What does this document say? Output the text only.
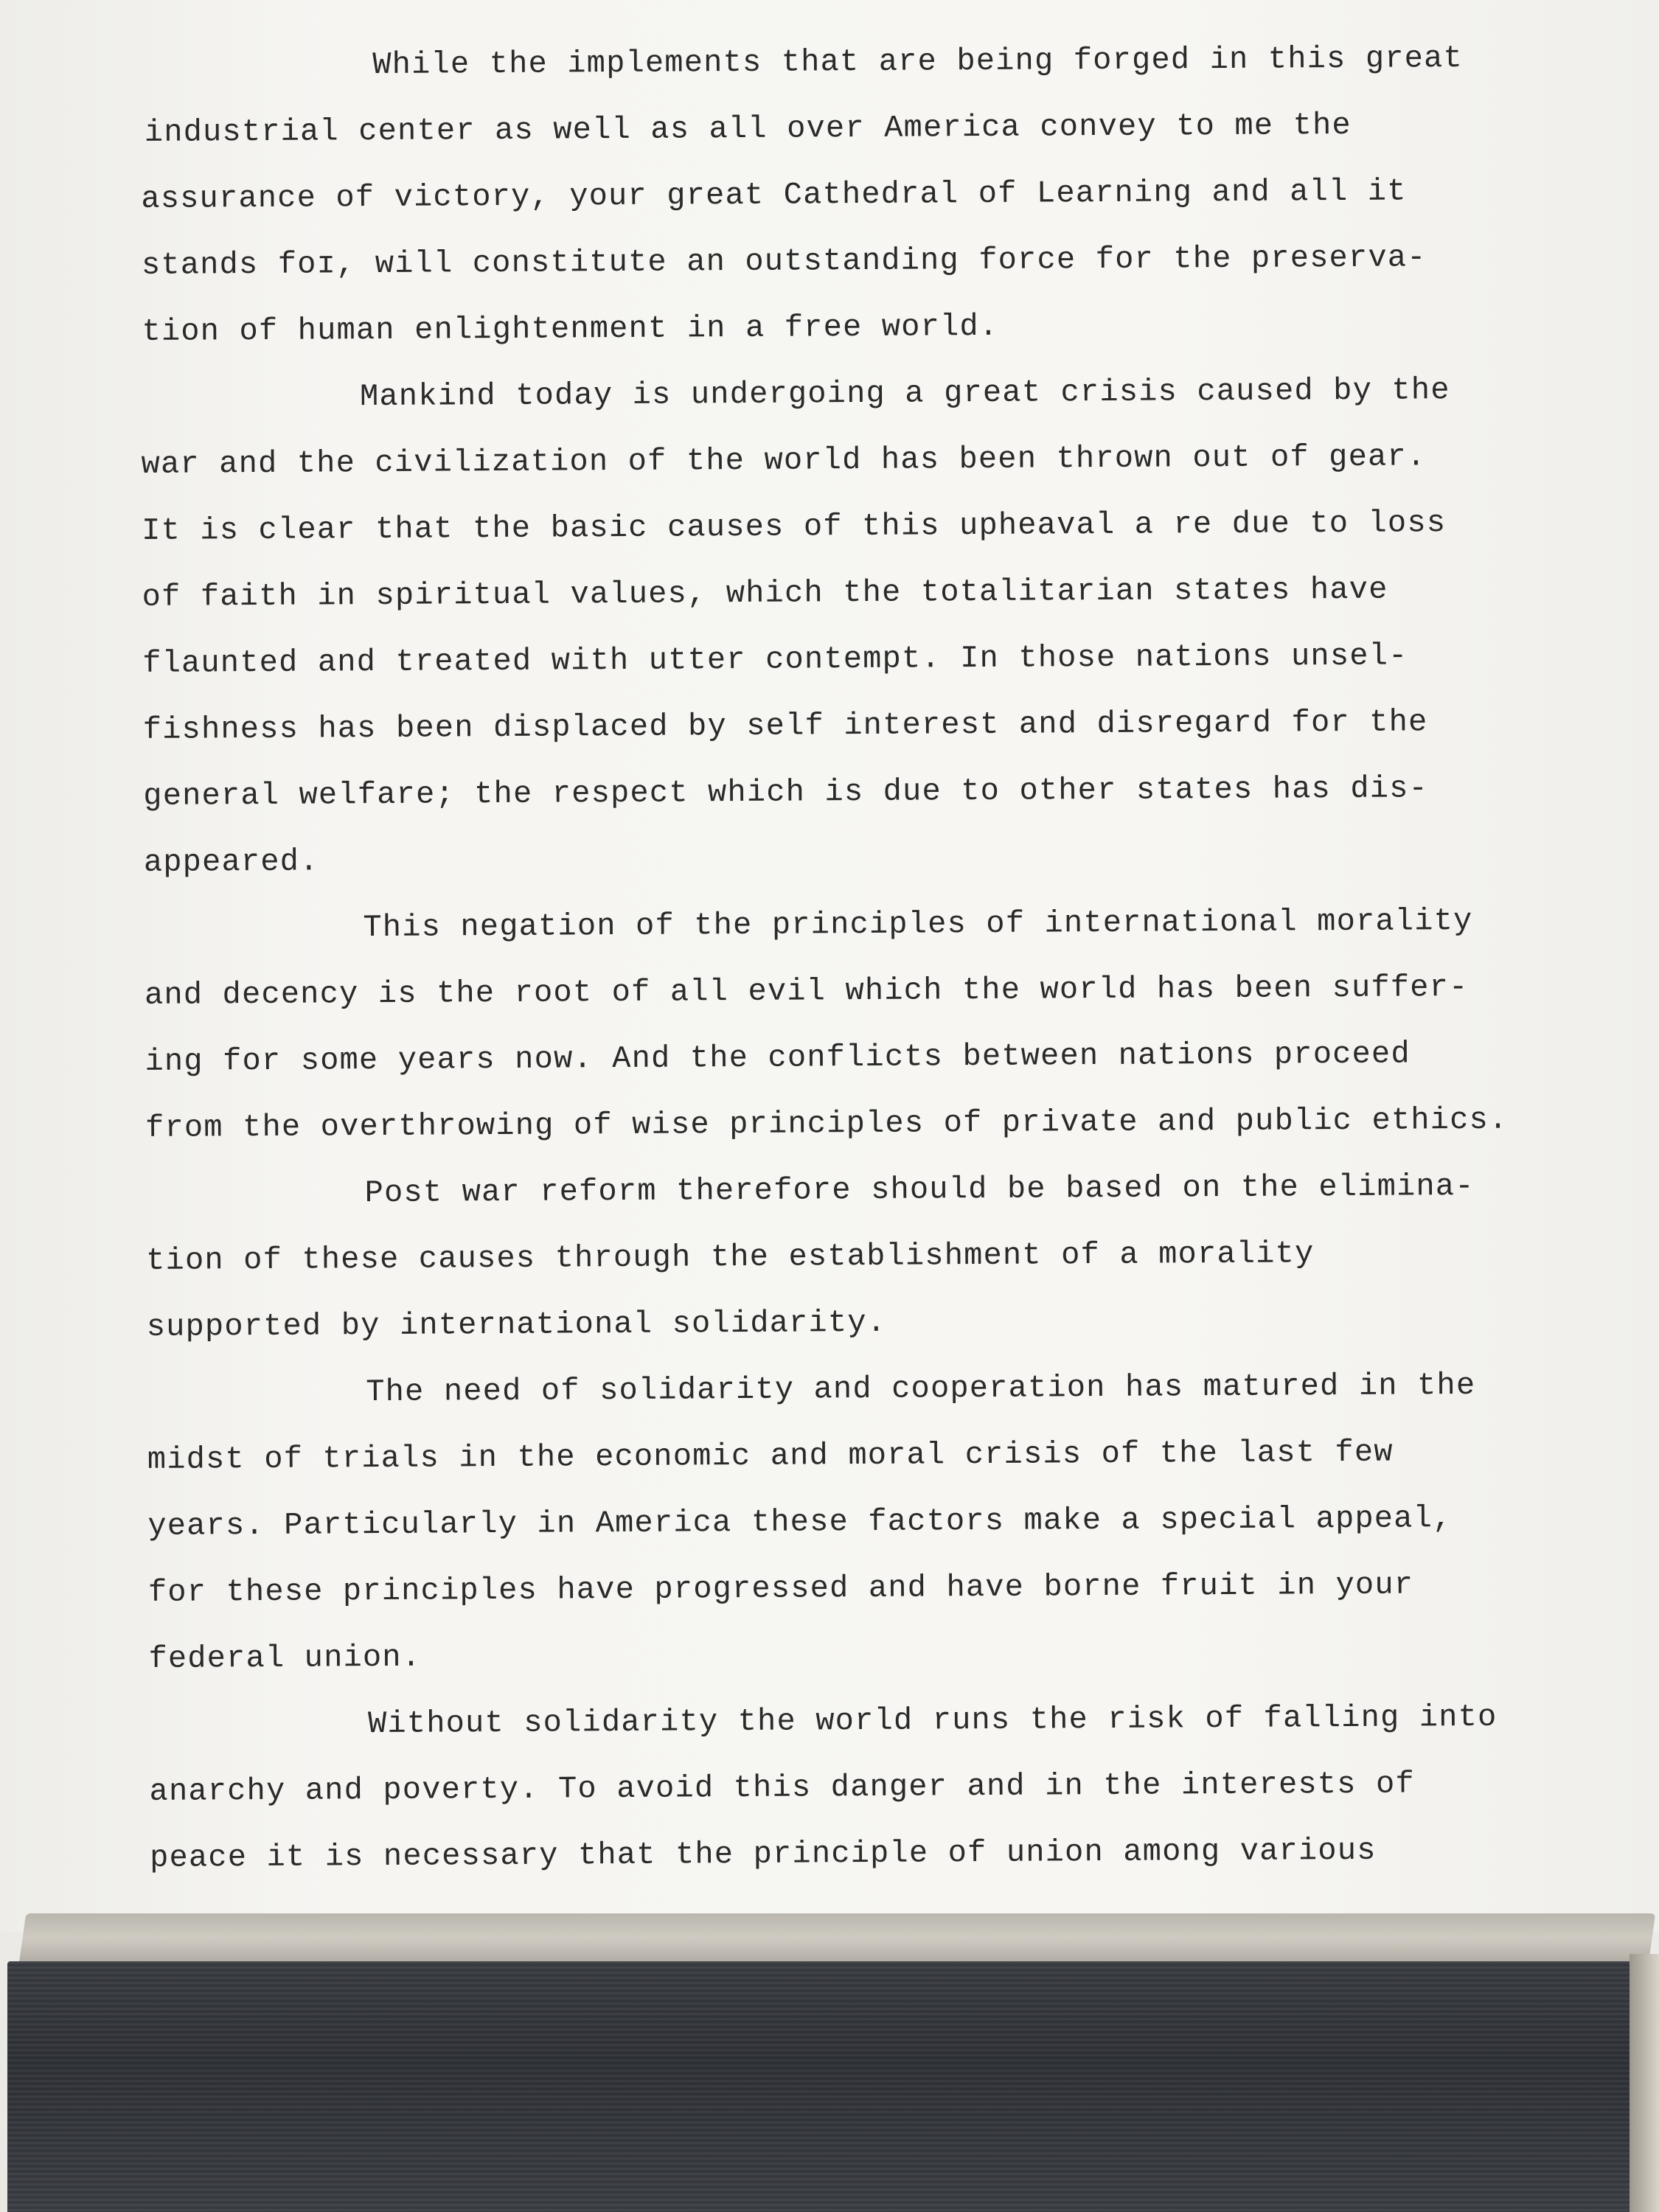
While the implements that are being forged in this great
industrial center as well as all over America convey to me the
assurance of victory, your great Cathedral of Learning and all it
stands foɪ, will constitute an outstanding force for the preserva-
tion of human enlightenment in a free world.
Mankind today is undergoing a great crisis caused by the
war and the civilization of the world has been thrown out of gear.
It is clear that the basic causes of this upheaval a re due to loss
of faith in spiritual values, which the totalitarian states have
flaunted and treated with utter contempt. In those nations unsel-
fishness has been displaced by self interest and disregard for the
general welfare; the respect which is due to other states has dis-
appeared.
This negation of the principles of international morality
and decency is the root of all evil which the world has been suffer-
ing for some years now. And the conflicts between nations proceed
from the overthrowing of wise principles of private and public ethics.
Post war reform therefore should be based on the elimina-
tion of these causes through the establishment of a morality
supported by international solidarity.
The need of solidarity and cooperation has matured in the
midst of trials in the economic and moral crisis of the last few
years. Particularly in America these factors make a special appeal,
for these principles have progressed and have borne fruit in your
federal union.
Without solidarity the world runs the risk of falling into
anarchy and poverty. To avoid this danger and in the interests of
peace it is necessary that the principle of union among various
